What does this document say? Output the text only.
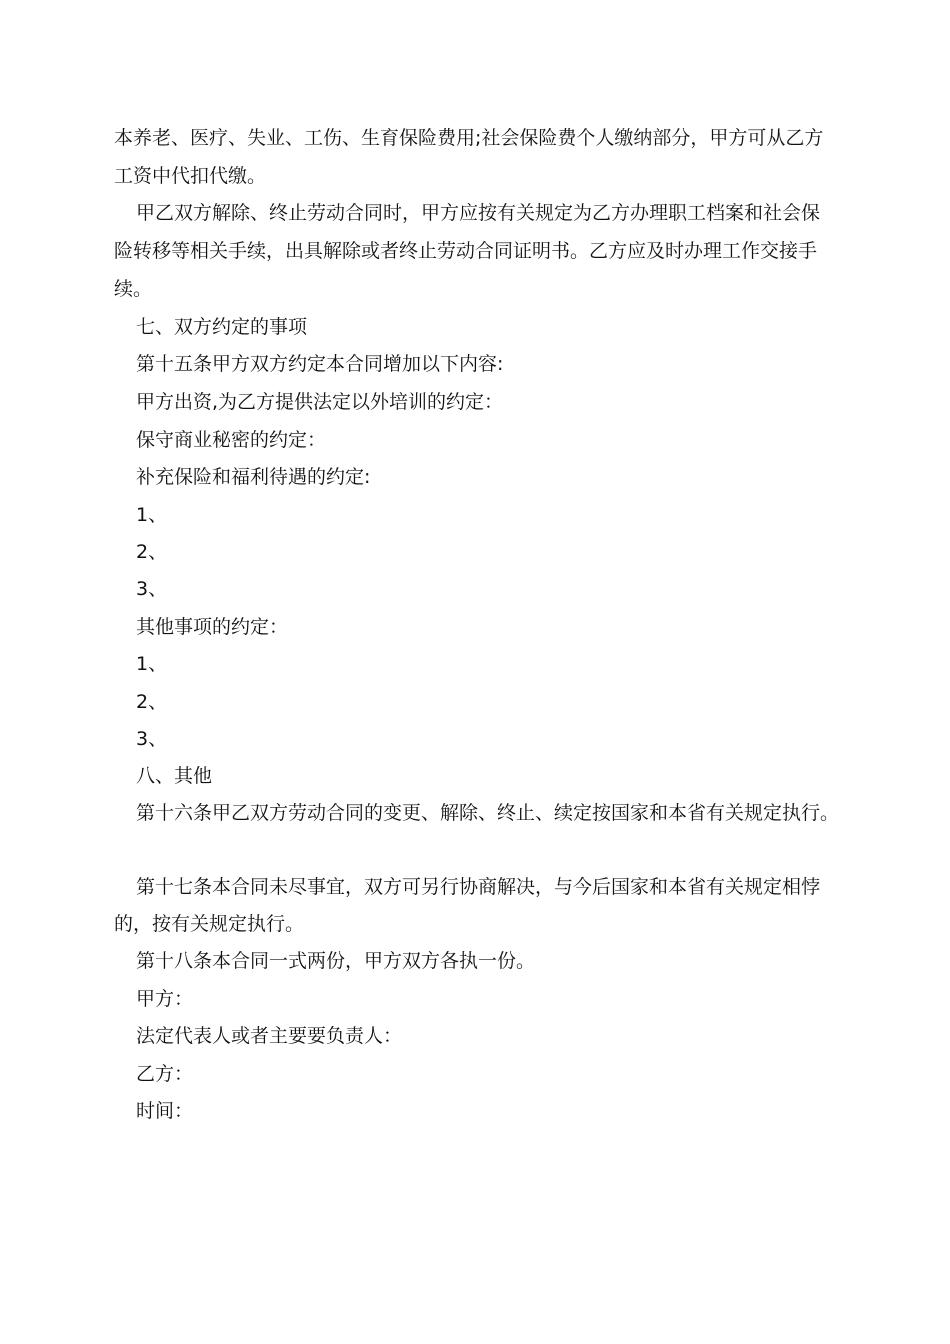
本养老、医疗、失业、工伤、生育保险费用;社会保险费个人缴纳部分，甲方可从乙方
工资中代扣代缴。
甲乙双方解除、终止劳动合同时，甲方应按有关规定为乙方办理职工档案和社会保
险转移等相关手续，出具解除或者终止劳动合同证明书。乙方应及时办理工作交接手
续。
七、双方约定的事项
第十五条甲方双方约定本合同增加以下内容:
甲方出资,为乙方提供法定以外培训的约定：
保守商业秘密的约定：
补充保险和福利待遇的约定:
1、
2、
3、
其他事项的约定：
1、
2、
3、
八、其他
第十六条甲乙双方劳动合同的变更、解除、终止、续定按国家和本省有关规定执行。
第十七条本合同未尽事宜，双方可另行协商解决，与今后国家和本省有关规定相悖
的，按有关规定执行。
第十八条本合同一式两份，甲方双方各执一份。
甲方：
法定代表人或者主要要负责人：
乙方：
时间：
